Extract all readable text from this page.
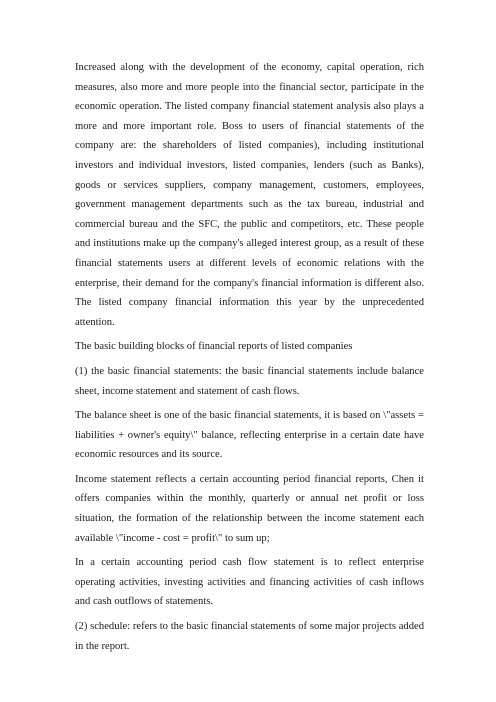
Increased along with the development of the economy, capital operation, rich measures, also more and more people into the financial sector, participate in the economic operation. The listed company financial statement analysis also plays a more and more important role. Boss to users of financial statements of the company are: the shareholders of listed companies), including institutional investors and individual investors, listed companies, lenders (such as Banks), goods or services suppliers, company management, customers, employees, government management departments such as the tax bureau, industrial and commercial bureau and the SFC, the public and competitors, etc. These people and institutions make up the company's alleged interest group, as a result of these financial statements users at different levels of economic relations with the enterprise, their demand for the company's financial information is different also. The listed company financial information this year by the unprecedented attention.

The basic building blocks of financial reports of listed companies

(1) the basic financial statements: the basic financial statements include balance sheet, income statement and statement of cash flows.

The balance sheet is one of the basic financial statements, it is based on \"assets = liabilities + owner's equity\" balance, reflecting enterprise in a certain date have economic resources and its source.

Income statement reflects a certain accounting period financial reports, Chen it offers companies within the monthly, quarterly or annual net profit or loss situation, the formation of the relationship between the income statement each available \"income - cost = profit\" to sum up;

In a certain accounting period cash flow statement is to reflect enterprise operating activities, investing activities and financing activities of cash inflows and cash outflows of statements.

(2) schedule: refers to the basic financial statements of some major projects added in the report.
